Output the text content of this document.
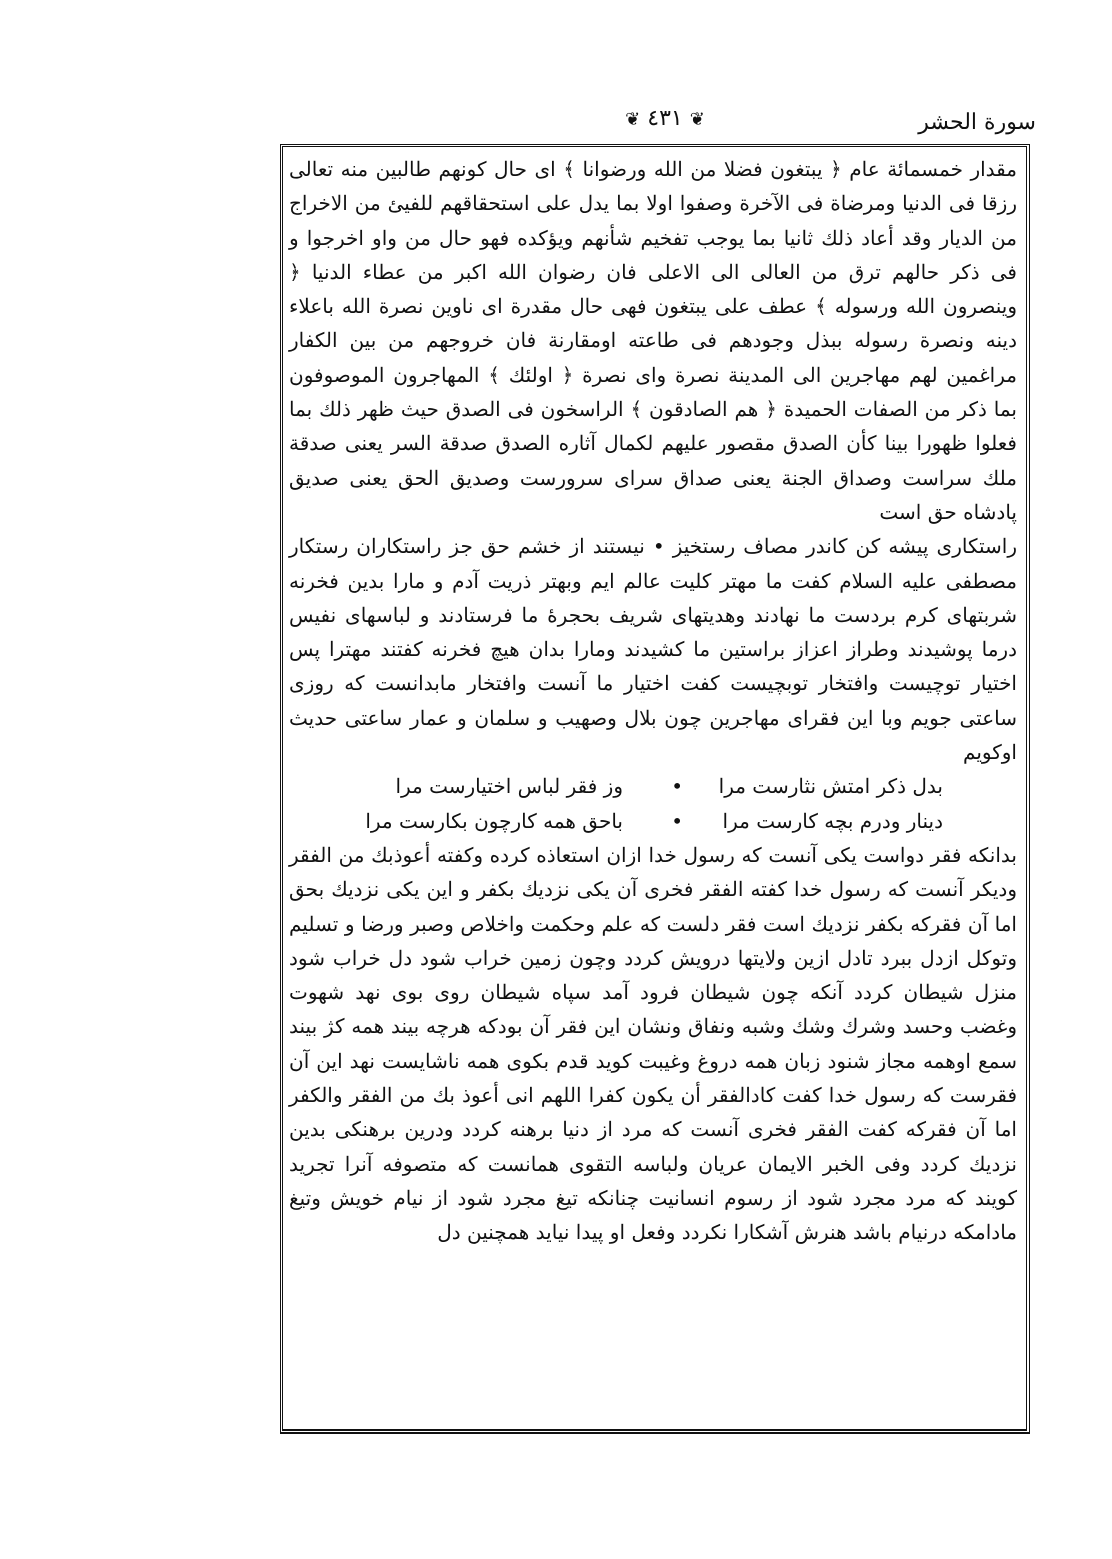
سورة الحشر
❦ ٤٣١ ❦

مقدار خمسمائة عام ﴿ يبتغون فضلا من الله ورضوانا ﴾ اى حال كونهم طالبين منه تعالى رزقا فى الدنيا ومرضاة فى الآخرة وصفوا اولا بما يدل على استحقاقهم للفيئ من الاخراج من الديار وقد أعاد ذلك ثانيا بما يوجب تفخيم شأنهم ويؤكده فهو حال من واو اخرجوا و فى ذكر حالهم ترق من العالى الى الاعلى فان رضوان الله اكبر من عطاء الدنيا ﴿ وينصرون الله ورسوله ﴾ عطف على يبتغون فهى حال مقدرة اى ناوين نصرة الله باعلاء دينه ونصرة رسوله ببذل وجودهم فى طاعته اومقارنة فان خروجهم من بين الكفار مراغمين لهم مهاجرين الى المدينة نصرة واى نصرة ﴿ اولئك ﴾ المهاجرون الموصوفون بما ذكر من الصفات الحميدة ﴿ هم الصادقون ﴾ الراسخون فى الصدق حيث ظهر ذلك بما فعلوا ظهورا بينا كأن الصدق مقصور عليهم لكمال آثاره الصدق صدقة السر يعنى صدقة ملك سراست وصداق الجنة يعنى صداق سراى سرورست وصديق الحق يعنى صديق پادشاه حق است

راستكارى پيشه كن كاندر مصاف رستخيز • نيستند از خشم حق جز راستكاران رستكار مصطفى عليه السلام كفت ما مهتر كليت عالم ايم وبهتر ذريت آدم و مارا بدين فخرنه شربتهاى كرم بردست ما نهادند وهديتهاى شريف بحجرهٔ ما فرستادند و لباسهاى نفيس درما پوشيدند وطراز اعزاز براستين ما كشيدند ومارا بدان هيچ فخرنه كفتند مهترا پس اختيار توچيست وافتخار توبچيست كفت اختيار ما آنست وافتخار مابدانست كه روزى ساعتى جويم وبا اين فقراى مهاجرين چون بلال وصهيب و سلمان و عمار ساعتى حديث اوكويم

بدل ذكر امتش نثارست مرا
•
وز فقر لباس اختيارست مرا
دينار ودرم بچه كارست مرا
•
باحق همه كارچون بكارست مرا

بدانكه فقر دواست يكى آنست كه رسول خدا ازان استعاذه كرده وكفته أعوذبك من الفقر وديكر آنست كه رسول خدا كفته الفقر فخرى آن يكى نزديك بكفر و اين يكى نزديك بحق اما آن فقركه بكفر نزديك است فقر دلست كه علم وحكمت واخلاص وصبر ورضا و تسليم وتوكل ازدل ببرد تادل ازين ولايتها درويش كردد وچون زمين خراب شود دل خراب شود منزل شيطان كردد آنكه چون شيطان فرود آمد سپاه شيطان روى بوى نهد شهوت وغضب وحسد وشرك وشك وشبه ونفاق ونشان اين فقر آن بودكه هرچه بيند همه كژ بيند سمع اوهمه مجاز شنود زبان همه دروغ وغيبت كويد قدم بكوى همه ناشايست نهد اين آن فقرست كه رسول خدا كفت كادالفقر أن يكون كفرا اللهم انى أعوذ بك من الفقر والكفر اما آن فقركه كفت الفقر فخرى آنست كه مرد از دنيا برهنه كردد ودرين برهنكى بدين نزديك كردد وفى الخبر الايمان عريان ولباسه التقوى همانست كه متصوفه آنرا تجريد كويند كه مرد مجرد شود از رسوم انسانيت چنانكه تيغ مجرد شود از نيام خويش وتيغ مادامكه درنيام باشد هنرش آشكارا نكردد وفعل او پيدا نيايد همچنين دل
